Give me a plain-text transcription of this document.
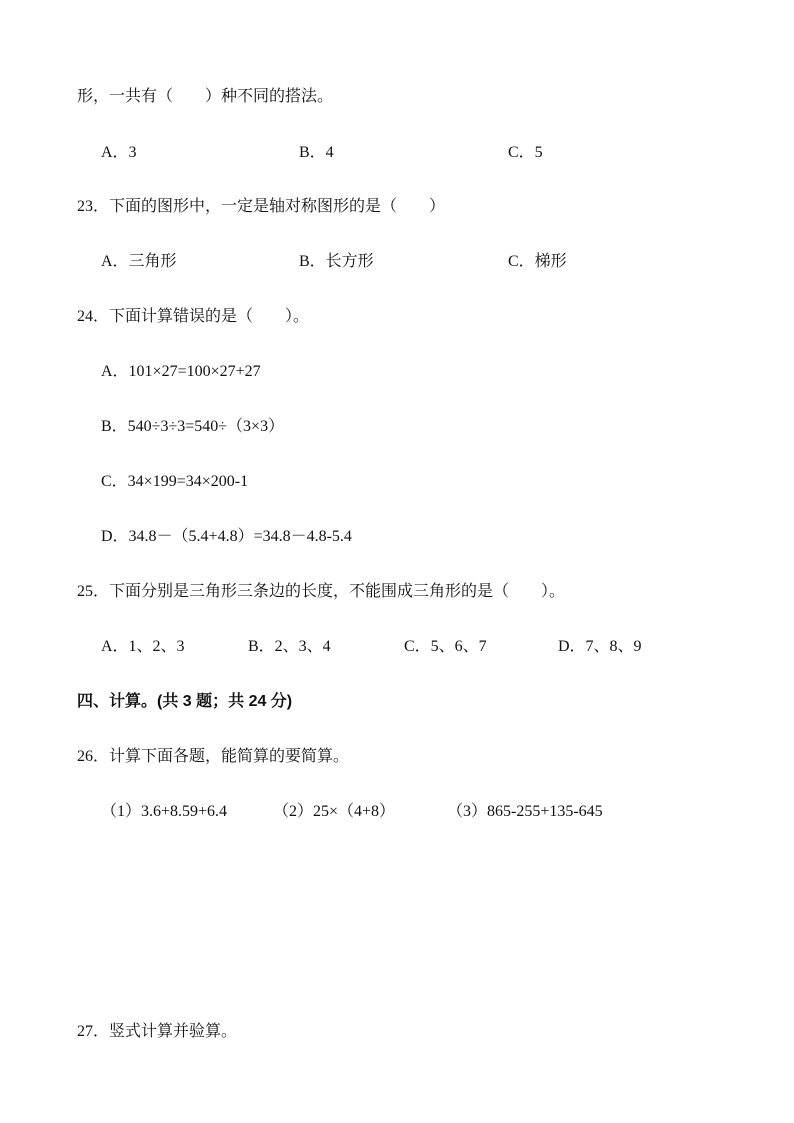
形，一共有（　　）种不同的搭法。
A．3	B．4	C．5
23．下面的图形中，一定是轴对称图形的是（　　）
A．三角形	B．长方形	C．梯形
24．下面计算错误的是（　　）。
A．101×27=100×27+27
B．540÷3÷3=540÷（3×3）
C．34×199=34×200-1
D．34.8－（5.4+4.8）=34.8－4.8-5.4
25．下面分别是三角形三条边的长度，不能围成三角形的是（　　）。
A．1、2、3	B．2、3、4	C．5、6、7	D．7、8、9
四、计算。(共 3 题；共 24 分)
26．计算下面各题，能简算的要简算。
（1）3.6+8.59+6.4	（2）25×（4+8）	（3）865-255+135-645
27．竖式计算并验算。
